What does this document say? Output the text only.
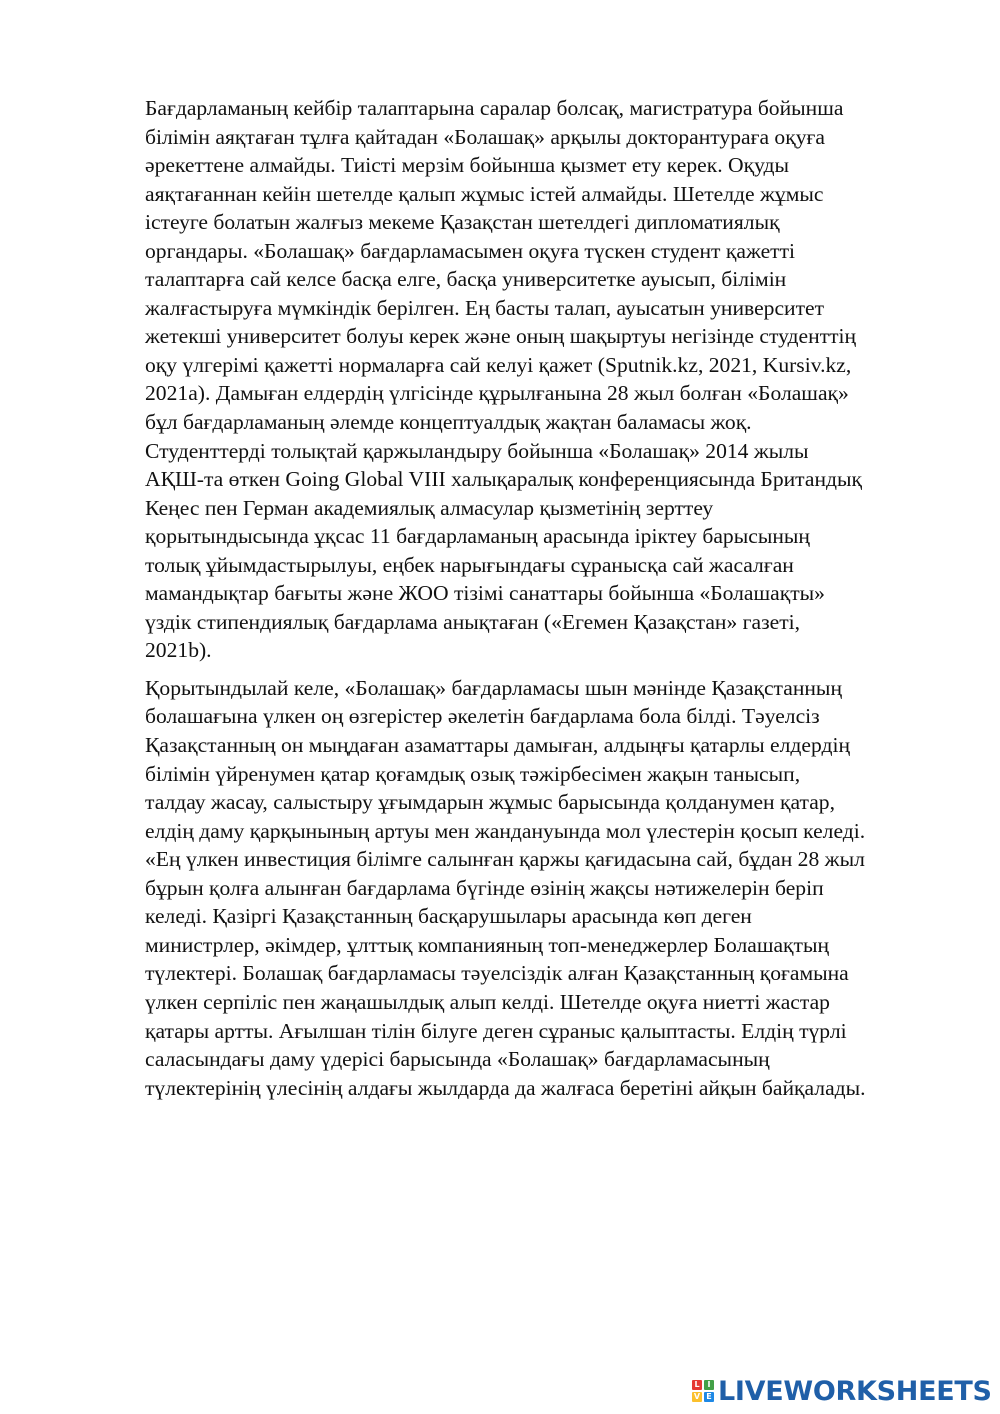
Бағдарламаның кейбір талаптарына саралар болсақ, магистратура бойынша
білімін аяқтаған тұлға қайтадан «Болашақ» арқылы докторантураға оқуға
әрекеттене алмайды. Тиісті мерзім бойынша қызмет ету керек. Оқуды
аяқтағаннан кейін шетелде қалып жұмыс істей алмайды. Шетелде жұмыс
істеуге болатын жалғыз мекеме Қазақстан шетелдегі дипломатиялық
органдары. «Болашақ» бағдарламасымен оқуға түскен студент қажетті
талаптарға сай келсе басқа елге, басқа университетке ауысып, білімін
жалғастыруға мүмкіндік берілген. Ең басты талап, ауысатын университет
жетекші университет болуы керек және оның шақыртуы негізінде студенттің
оқу үлгерімі қажетті нормаларға сай келуі қажет (Sputnik.kz, 2021, Kursiv.kz,
2021a). Дамыған елдердің үлгісінде құрылғанына 28 жыл болған «Болашақ»
бұл бағдарламаның әлемде концептуалдық жақтан баламасы жоқ.
Студенттерді толықтай қаржыландыру бойынша «Болашақ» 2014 жылы
АҚШ-та өткен Going Global VIII халықаралық конференциясында Британдық
Кеңес пен Герман академиялық алмасулар қызметінің зерттеу
қорытындысында ұқсас 11 бағдарламаның арасында іріктеу барысының
толық ұйымдастырылуы, еңбек нарығындағы сұранысқа сай жасалған
мамандықтар бағыты және ЖОО тізімі санаттары бойынша «Болашақты»
үздік стипендиялық бағдарлама анықтаған («Егемен Қазақстан» газеті,
2021b).

Қорытындылай келе, «Болашақ» бағдарламасы шын мәнінде Қазақстанның
болашағына үлкен оң өзгерістер әкелетін бағдарлама бола білді. Тәуелсіз
Қазақстанның он мыңдаған азаматтары дамыған, алдыңғы қатарлы елдердің
білімін үйренумен қатар қоғамдық озық тәжірбесімен жақын танысып,
талдау жасау, салыстыру ұғымдарын жұмыс барысында қолданумен қатар,
елдің даму қарқынының артуы мен жандануында мол үлестерін қосып келеді.
«Ең үлкен инвестиция білімге салынған қаржы қағидасына сай, бұдан 28 жыл
бұрын қолға алынған бағдарлама бүгінде өзінің жақсы нәтижелерін беріп
келеді. Қазіргі Қазақстанның басқарушылары арасында көп деген
министрлер, әкімдер, ұлттық компанияның топ-менеджерлер Болашақтың
түлектері. Болашақ бағдарламасы тәуелсіздік алған Қазақстанның қоғамына
үлкен серпіліс пен жаңашылдық алып келді. Шетелде оқуға ниетті жастар
қатары артты. Ағылшан тілін білуге деген сұраныс қалыптасты. Елдің түрлі
саласындағы даму үдерісі барысында «Болашақ» бағдарламасының
түлектерінің үлесінің алдағы жылдарда да жалғаса беретіні айқын байқалады.

L I
V E LIVEWORKSHEETS
